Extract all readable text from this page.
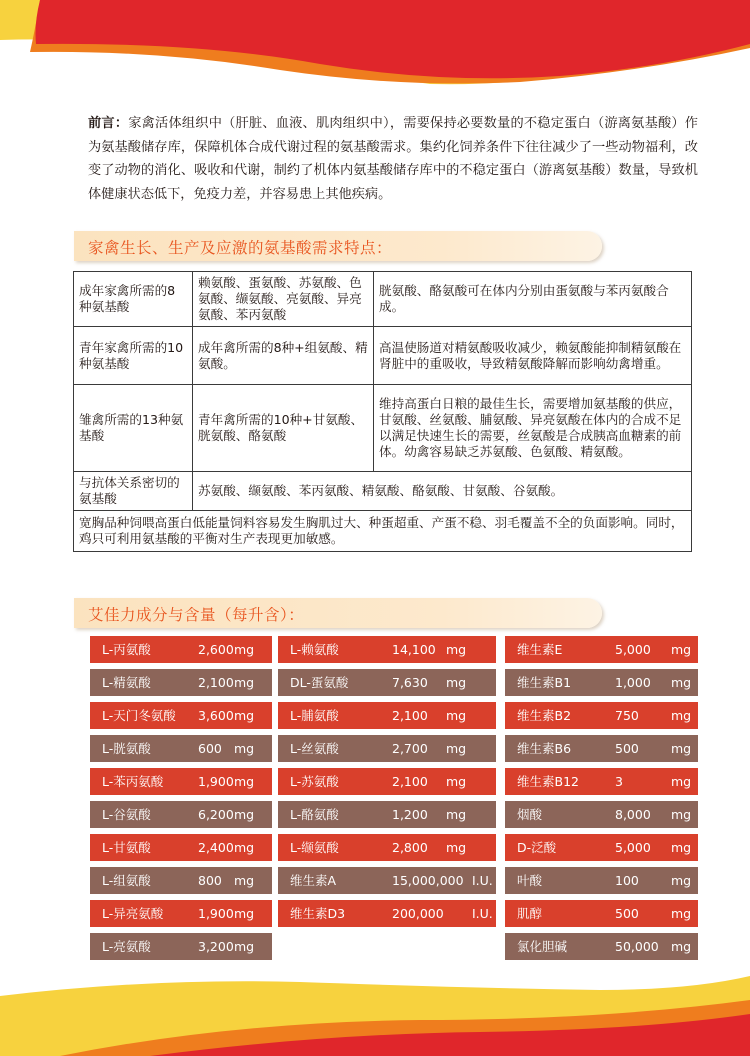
前言：家禽活体组织中（肝脏、血液、肌肉组织中），需要保持必要数量的不稳定蛋白（游离氨基酸）作为氨基酸储存库，保障机体合成代谢过程的氨基酸需求。集约化饲养条件下往往减少了一些动物福利，改变了动物的消化、吸收和代谢，制约了机体内氨基酸储存库中的不稳定蛋白（游离氨基酸）数量，导致机体健康状态低下，免疫力差，并容易患上其他疾病。
家禽生长、生产及应激的氨基酸需求特点：
成年家禽所需的8种氨基酸	赖氨酸、蛋氨酸、苏氨酸、色氨酸、缬氨酸、亮氨酸、异亮氨酸、苯丙氨酸	胱氨酸、酪氨酸可在体内分别由蛋氨酸与苯丙氨酸合成。
青年家禽所需的10种氨基酸	成年禽所需的8种+组氨酸、精氨酸。	高温使肠道对精氨酸吸收减少，赖氨酸能抑制精氨酸在肾脏中的重吸收，导致精氨酸降解而影响幼禽增重。
雏禽所需的13种氨基酸	青年禽所需的10种+甘氨酸、胱氨酸、酪氨酸	维持高蛋白日粮的最佳生长，需要增加氨基酸的供应，甘氨酸、丝氨酸、脯氨酸、异亮氨酸在体内的合成不足以满足快速生长的需要，丝氨酸是合成胰高血糖素的前体。幼禽容易缺乏苏氨酸、色氨酸、精氨酸。
与抗体关系密切的氨基酸	苏氨酸、缬氨酸、苯丙氨酸、精氨酸、酪氨酸、甘氨酸、谷氨酸。	
宽胸品种饲喂高蛋白低能量饲料容易发生胸肌过大、种蛋超重、产蛋不稳、羽毛覆盖不全的负面影响。同时，鸡只可利用氨基酸的平衡对生产表现更加敏感。		
艾佳力成分与含量（每升含）：
L-丙氨酸	2,600 mg
L-精氨酸	2,100 mg
L-天门冬氨酸 3,600 mg
L-胱氨酸	600 mg
L-苯丙氨酸	1,900 mg
L-谷氨酸	6,200 mg
L-甘氨酸	2,400 mg
L-组氨酸	800 mg
L-异亮氨酸	1,900 mg
L-亮氨酸	3,200 mg
L-赖氨酸	14,100 mg
DL-蛋氨酸	7,630 mg
L-脯氨酸	2,100 mg
L-丝氨酸	2,700 mg
L-苏氨酸	2,100 mg
L-酪氨酸	1,200 mg
L-缬氨酸	2,800 mg
维生素A	15,000,000 I.U.
维生素D3	200,000 I.U.
维生素E	5,000 mg
维生素B1	1,000 mg
维生素B2	750	mg
维生素B6	500	mg
维生素B12	3	mg
烟酸	8,000 mg
D-泛酸	5,000 mg
叶酸	100	mg
肌醇	500	mg
氯化胆碱	50,000 mg
